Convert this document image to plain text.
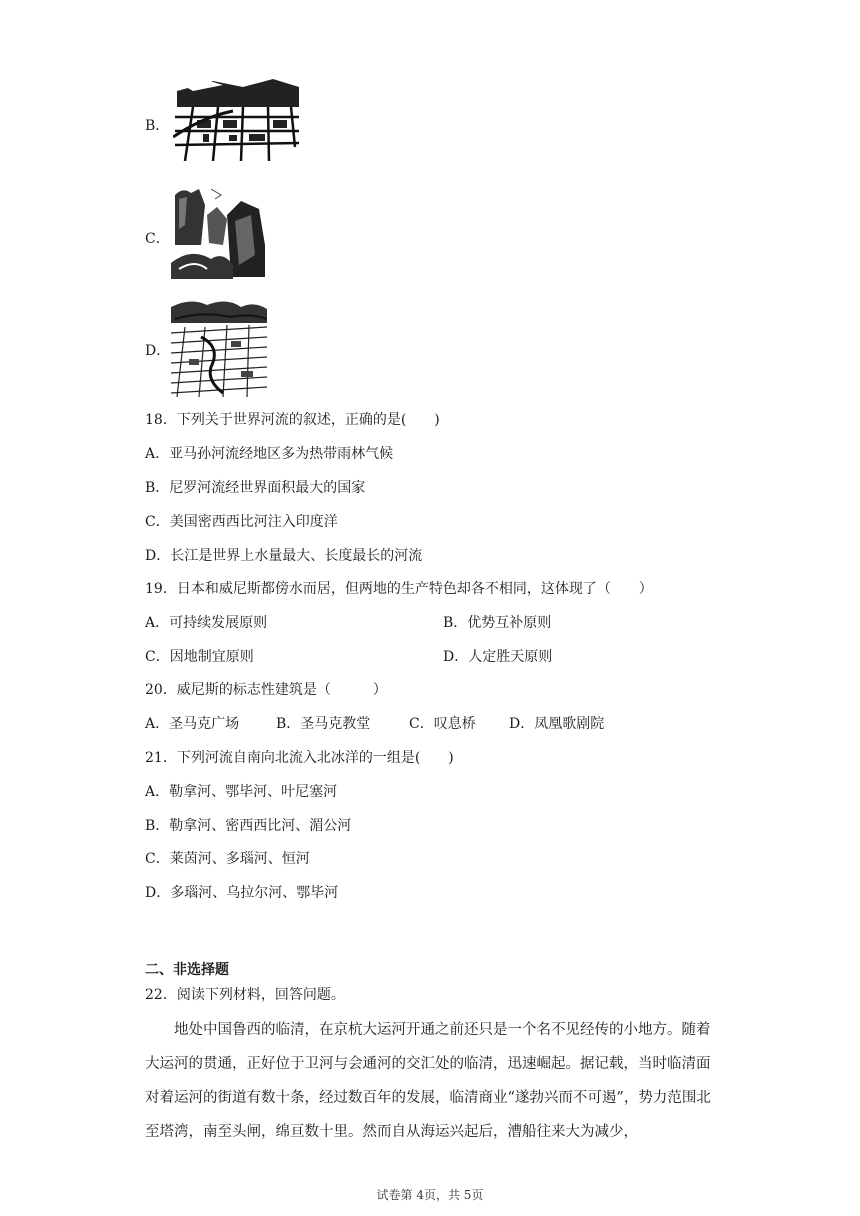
B．
C．
D．
18．下列关于世界河流的叙述，正确的是(　　)
A．亚马孙河流经地区多为热带雨林气候
B．尼罗河流经世界面积最大的国家
C．美国密西西比河注入印度洋
D．长江是世界上水量最大、长度最长的河流
19．日本和威尼斯都傍水而居，但两地的生产特色却各不相同，这体现了（　　）
A．可持续发展原则	B．优势互补原则
C．因地制宜原则	D．人定胜天原则
20．威尼斯的标志性建筑是（　　　）
A．圣马克广场	B．圣马克教堂	C．叹息桥 D．凤凰歌剧院
21．下列河流自南向北流入北冰洋的一组是(　　)
A．勒拿河、鄂毕河、叶尼塞河
B．勒拿河、密西西比河、湄公河
C．莱茵河、多瑙河、恒河
D．多瑙河、乌拉尔河、鄂毕河
二、非选择题
22．阅读下列材料，回答问题。
地处中国鲁西的临清，在京杭大运河开通之前还只是一个名不见经传的小地方。随着大运河的贯通，正好位于卫河与会通河的交汇处的临清，迅速崛起。据记载，当时临清面对着运河的街道有数十条，经过数百年的发展，临清商业“遂勃兴而不可遏”，势力范围北至塔湾，南至头闸，绵亘数十里。然而自从海运兴起后，漕船往来大为减少，
试卷第 4页，共 5页
